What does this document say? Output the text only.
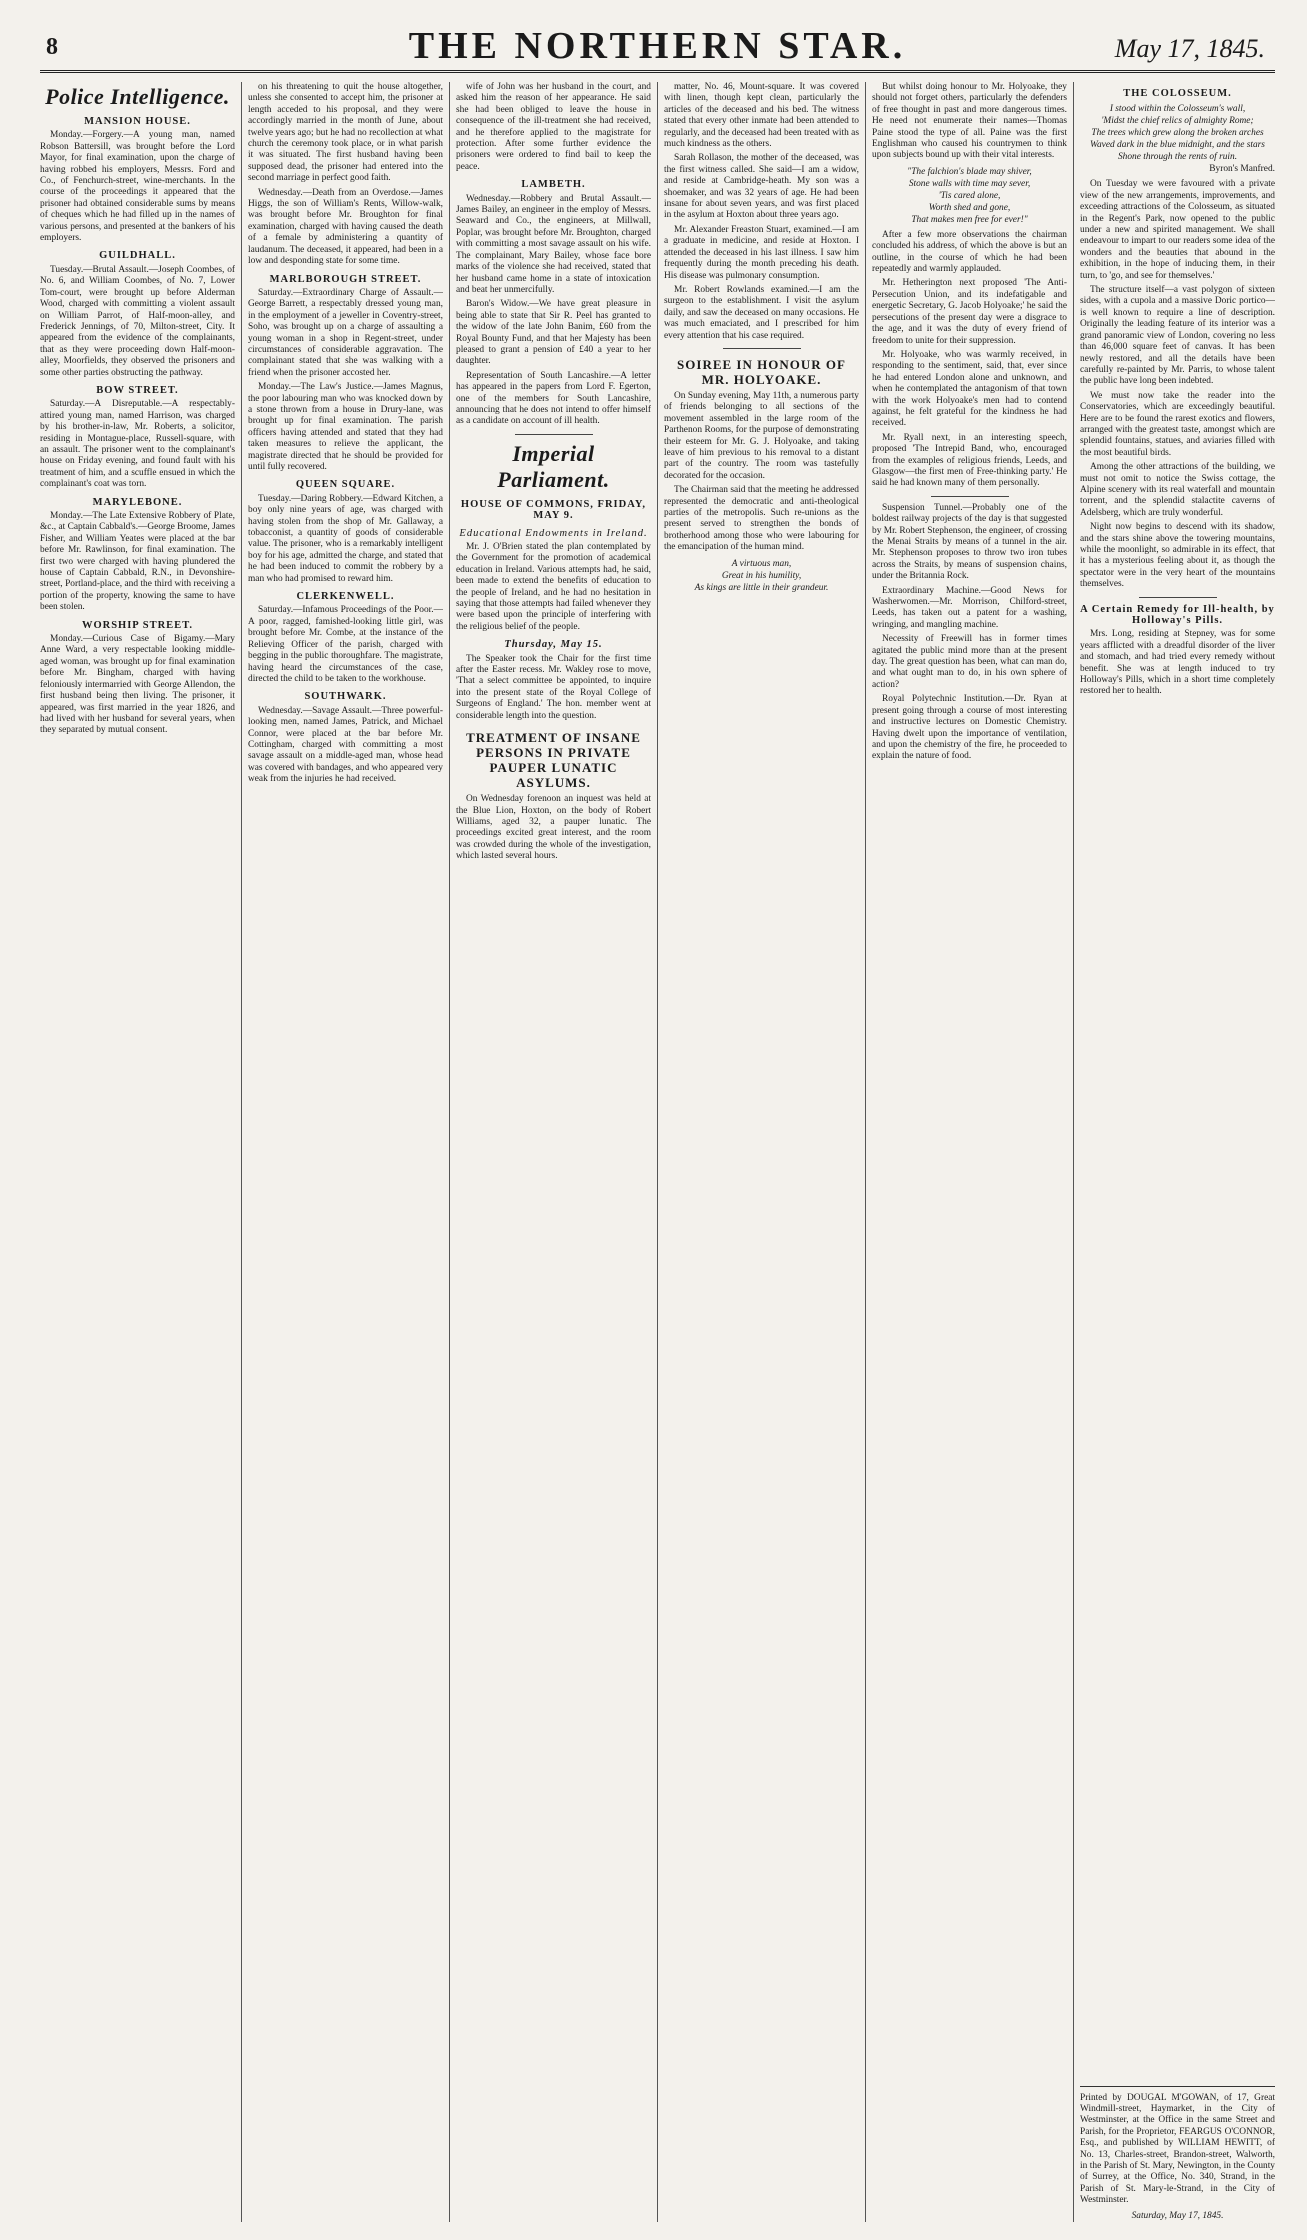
8	THE NORTHERN STAR.	May 17, 1845.
Police Intelligence.
MANSION HOUSE.

Monday.—Forgery.—A young man, named Robson Battersill, was brought before the Lord Mayor, for final examination, upon the charge of having robbed his employers, Messrs. Ford and Co., of Fenchurch-street, wine-merchants. In the course of the proceedings it appeared that the prisoner had obtained considerable sums by means of cheques which he had filled up in the names of various persons, and presented at the bankers of his employers.

GUILDHALL.

Tuesday.—Brutal Assault.—Joseph Coombes, of No. 6, and William Coombes, of No. 7, Lower Tom-court, were brought up before Alderman Wood, charged with committing a violent assault on William Parrot, of Half-moon-alley, and Frederick Jennings, of 70, Milton-street, City. It appeared from the evidence of the complainants, that as they were proceeding down Half-moon-alley, Moorfields, they observed the prisoners and some other parties obstructing the pathway.

BOW STREET.

Saturday.—A Disreputable.—A respectably-attired young man, named Harrison, was charged by his brother-in-law, Mr. Roberts, a solicitor, residing in Montague-place, Russell-square, with an assault. The prisoner went to the complainant's house on Friday evening, and found fault with his treatment of him, and a scuffle ensued in which the complainant's coat was torn.

MARYLEBONE.

Monday.—The Late Extensive Robbery of Plate, &c., at Captain Cabbald's.—George Broome, James Fisher, and William Yeates were placed at the bar before Mr. Rawlinson, for final examination. The first two were charged with having plundered the house of Captain Cabbald, R.N., in Devonshire-street, Portland-place, and the third with receiving a portion of the property, knowing the same to have been stolen.

WORSHIP STREET.

Monday.—Curious Case of Bigamy.—Mary Anne Ward, a very respectable looking middle-aged woman, was brought up for final examination before Mr. Bingham, charged with having feloniously intermarried with George Allendon, the first husband being then living. The prisoner, it appeared, was first married in the year 1826, and had lived with her husband for several years, when they separated by mutual consent.

on his threatening to quit the house altogether, unless she consented to accept him, the prisoner at length acceded to his proposal, and they were accordingly married in the month of June, about twelve years ago; but he had no recollection at what church the ceremony took place, or in what parish it was situated. The first husband having been supposed dead, the prisoner had entered into the second marriage in perfect good faith.

Wednesday.—Death from an Overdose.—James Higgs, the son of William's Rents, Willow-walk, was brought before Mr. Broughton for final examination, charged with having caused the death of a female by administering a quantity of laudanum. The deceased, it appeared, had been in a low and desponding state for some time.

MARLBOROUGH STREET.

Saturday.—Extraordinary Charge of Assault.—George Barrett, a respectably dressed young man, in the employment of a jeweller in Coventry-street, Soho, was brought up on a charge of assaulting a young woman in a shop in Regent-street, under circumstances of considerable aggravation. The complainant stated that she was walking with a friend when the prisoner accosted her.

Monday.—The Law's Justice.—James Magnus, the poor labouring man who was knocked down by a stone thrown from a house in Drury-lane, was brought up for final examination. The parish officers having attended and stated that they had taken measures to relieve the applicant, the magistrate directed that he should be provided for until fully recovered.

QUEEN SQUARE.

Tuesday.—Daring Robbery.—Edward Kitchen, a boy only nine years of age, was charged with having stolen from the shop of Mr. Gallaway, a tobacconist, a quantity of goods of considerable value. The prisoner, who is a remarkably intelligent boy for his age, admitted the charge, and stated that he had been induced to commit the robbery by a man who had promised to reward him.

CLERKENWELL.

Saturday.—Infamous Proceedings of the Poor.—A poor, ragged, famished-looking little girl, was brought before Mr. Combe, at the instance of the Relieving Officer of the parish, charged with begging in the public thoroughfare. The magistrate, having heard the circumstances of the case, directed the child to be taken to the workhouse.

SOUTHWARK.

Wednesday.—Savage Assault.—Three powerful-looking men, named James, Patrick, and Michael Connor, were placed at the bar before Mr. Cottingham, charged with committing a most savage assault on a middle-aged man, whose head was covered with bandages, and who appeared very weak from the injuries he had received.

wife of John was her husband in the court, and asked him the reason of her appearance. He said she had been obliged to leave the house in consequence of the ill-treatment she had received, and he therefore applied to the magistrate for protection. After some further evidence the prisoners were ordered to find bail to keep the peace.

LAMBETH.

Wednesday.—Robbery and Brutal Assault.—James Bailey, an engineer in the employ of Messrs. Seaward and Co., the engineers, at Millwall, Poplar, was brought before Mr. Broughton, charged with committing a most savage assault on his wife. The complainant, Mary Bailey, whose face bore marks of the violence she had received, stated that her husband came home in a state of intoxication and beat her unmercifully.

Baron's Widow.—We have great pleasure in being able to state that Sir R. Peel has granted to the widow of the late John Banim, £60 from the Royal Bounty Fund, and that her Majesty has been pleased to grant a pension of £40 a year to her daughter.

Representation of South Lancashire.—A letter has appeared in the papers from Lord F. Egerton, one of the members for South Lancashire, announcing that he does not intend to offer himself as a candidate on account of ill health.

Imperial Parliament.
HOUSE OF COMMONS, FRIDAY, MAY 9.
Educational Endowments in Ireland.

Mr. J. O'Brien stated the plan contemplated by the Government for the promotion of academical education in Ireland. Various attempts had, he said, been made to extend the benefits of education to the people of Ireland, and he had no hesitation in saying that those attempts had failed whenever they were based upon the principle of interfering with the religious belief of the people.

Thursday, May 15.

The Speaker took the Chair for the first time after the Easter recess. Mr. Wakley rose to move, 'That a select committee be appointed, to inquire into the present state of the Royal College of Surgeons of England.' The hon. member went at considerable length into the question.

TREATMENT OF INSANE PERSONS IN PRIVATE PAUPER LUNATIC ASYLUMS.

On Wednesday forenoon an inquest was held at the Blue Lion, Hoxton, on the body of Robert Williams, aged 32, a pauper lunatic. The proceedings excited great interest, and the room was crowded during the whole of the investigation, which lasted several hours.

matter, No. 46, Mount-square. It was covered with linen, though kept clean, particularly the articles of the deceased and his bed. The witness stated that every other inmate had been attended to regularly, and the deceased had been treated with as much kindness as the others.

Sarah Rollason, the mother of the deceased, was the first witness called. She said—I am a widow, and reside at Cambridge-heath. My son was a shoemaker, and was 32 years of age. He had been insane for about seven years, and was first placed in the asylum at Hoxton about three years ago.

Mr. Alexander Freaston Stuart, examined.—I am a graduate in medicine, and reside at Hoxton. I attended the deceased in his last illness. I saw him frequently during the month preceding his death. His disease was pulmonary consumption.

Mr. Robert Rowlands examined.—I am the surgeon to the establishment. I visit the asylum daily, and saw the deceased on many occasions. He was much emaciated, and I prescribed for him every attention that his case required.

SOIREE IN HONOUR OF MR. HOLYOAKE.

On Sunday evening, May 11th, a numerous party of friends belonging to all sections of the movement assembled in the large room of the Parthenon Rooms, for the purpose of demonstrating their esteem for Mr. G. J. Holyoake, and taking leave of him previous to his removal to a distant part of the country. The room was tastefully decorated for the occasion.

The Chairman said that the meeting he addressed represented the democratic and anti-theological parties of the metropolis. Such re-unions as the present served to strengthen the bonds of brotherhood among those who were labouring for the emancipation of the human mind.

A virtuous man,
Great in his humility,
As kings are little in their grandeur.

But whilst doing honour to Mr. Holyoake, they should not forget others, particularly the defenders of free thought in past and more dangerous times. He need not enumerate their names—Thomas Paine stood the type of all. Paine was the first Englishman who caused his countrymen to think upon subjects bound up with their vital interests.

"The falchion's blade may shiver,
Stone walls with time may sever,
'Tis cared alone,
Worth shed and gone,
That makes men free for ever!"

After a few more observations the chairman concluded his address, of which the above is but an outline, in the course of which he had been repeatedly and warmly applauded.

Mr. Hetherington next proposed 'The Anti-Persecution Union, and its indefatigable and energetic Secretary, G. Jacob Holyoake;' he said the persecutions of the present day were a disgrace to the age, and it was the duty of every friend of freedom to unite for their suppression.

Mr. Holyoake, who was warmly received, in responding to the sentiment, said, that, ever since he had entered London alone and unknown, and when he contemplated the antagonism of that town with the work Holyoake's men had to contend against, he felt grateful for the kindness he had received.

Mr. Ryall next, in an interesting speech, proposed 'The Intrepid Band, who, encouraged from the examples of religious friends, Leeds, and Glasgow—the first men of Free-thinking party.' He said he had known many of them personally.

Suspension Tunnel.—Probably one of the boldest railway projects of the day is that suggested by Mr. Robert Stephenson, the engineer, of crossing the Menai Straits by means of a tunnel in the air. Mr. Stephenson proposes to throw two iron tubes across the Straits, by means of suspension chains, under the Britannia Rock.

Extraordinary Machine.—Good News for Washerwomen.—Mr. Morrison, Chilford-street, Leeds, has taken out a patent for a washing, wringing, and mangling machine.

Necessity of Freewill has in former times agitated the public mind more than at the present day. The great question has been, what can man do, and what ought man to do, in his own sphere of action?

Royal Polytechnic Institution.—Dr. Ryan at present going through a course of most interesting and instructive lectures on Domestic Chemistry. Having dwelt upon the importance of ventilation, and upon the chemistry of the fire, he proceeded to explain the nature of food.

THE COLOSSEUM.
I stood within the Colosseum's wall,
'Midst the chief relics of almighty Rome;
The trees which grew along the broken arches
Waved dark in the blue midnight, and the stars
Shone through the rents of ruin.
Byron's Manfred.

On Tuesday we were favoured with a private view of the new arrangements, improvements, and exceeding attractions of the Colosseum, as situated in the Regent's Park, now opened to the public under a new and spirited management. We shall endeavour to impart to our readers some idea of the wonders and the beauties that abound in the exhibition, in the hope of inducing them, in their turn, to 'go, and see for themselves.'

The structure itself—a vast polygon of sixteen sides, with a cupola and a massive Doric portico—is well known to require a line of description. Originally the leading feature of its interior was a grand panoramic view of London, covering no less than 46,000 square feet of canvas. It has been newly restored, and all the details have been carefully re-painted by Mr. Parris, to whose talent the public have long been indebted.

We must now take the reader into the Conservatories, which are exceedingly beautiful. Here are to be found the rarest exotics and flowers, arranged with the greatest taste, amongst which are splendid fountains, statues, and aviaries filled with the most beautiful birds.

Among the other attractions of the building, we must not omit to notice the Swiss cottage, the Alpine scenery with its real waterfall and mountain torrent, and the splendid stalactite caverns of Adelsberg, which are truly wonderful.

Night now begins to descend with its shadow, and the stars shine above the towering mountains, while the moonlight, so admirable in its effect, that it has a mysterious feeling about it, as though the spectator were in the very heart of the mountains themselves.

A Certain Remedy for Ill-health, by Holloway's Pills.

Mrs. Long, residing at Stepney, was for some years afflicted with a dreadful disorder of the liver and stomach, and had tried every remedy without benefit. She was at length induced to try Holloway's Pills, which in a short time completely restored her to health.

Printed by DOUGAL M'GOWAN, of 17, Great Windmill-street, Haymarket, in the City of Westminster, at the Office in the same Street and Parish, for the Proprietor, FEARGUS O'CONNOR, Esq., and published by WILLIAM HEWITT, of No. 13, Charles-street, Brandon-street, Walworth, in the Parish of St. Mary, Newington, in the County of Surrey, at the Office, No. 340, Strand, in the Parish of St. Mary-le-Strand, in the City of Westminster.
Saturday, May 17, 1845.
